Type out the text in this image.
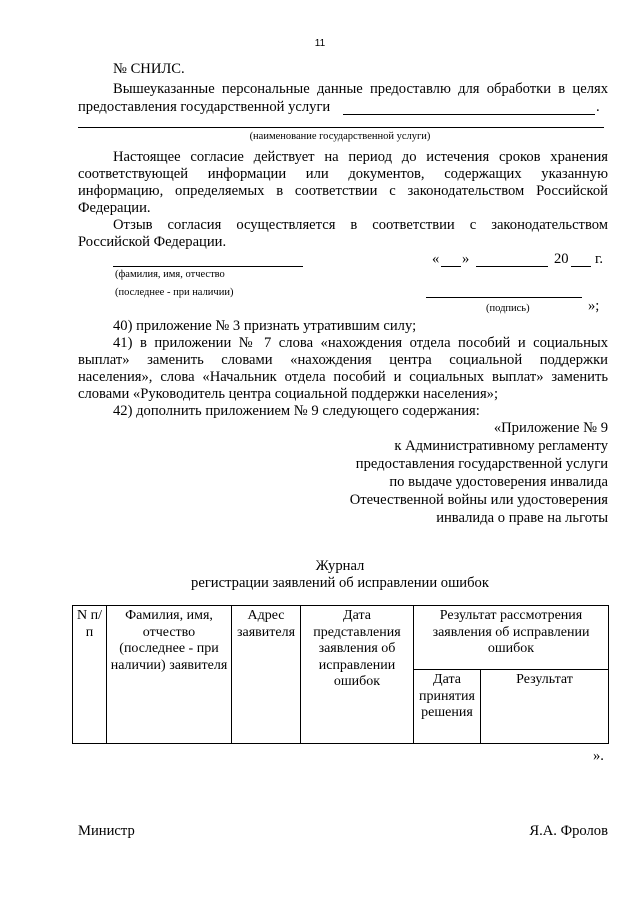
11
№ СНИЛС.
Вышеуказанные персональные данные предоставлю для обработки в целях
предоставления государственной услуги	.
(наименование государственной услуги)
Настоящее согласие действует на период до истечения сроков хранения
соответствующей информации или документов, содержащих указанную
информацию, определяемых в соответствии с законодательством Российской
Федерации.
Отзыв согласия осуществляется в соответствии с законодательством
Российской Федерации.
« »	20 г.
(фамилия, имя, отчество
(последнее - при наличии)
(подпись)	»;
40) приложение № 3 признать утратившим силу;
41) в приложении № 7 слова «нахождения отдела пособий и социальных
выплат» заменить словами «нахождения центра социальной поддержки
населения», слова «Начальник отдела пособий и социальных выплат» заменить
словами «Руководитель центра социальной поддержки населения»;
42) дополнить приложением № 9 следующего содержания:
«Приложение № 9
к Административному регламенту
предоставления государственной услуги
по выдаче удостоверения инвалида
Отечественной войны или удостоверения
инвалида о праве на льготы
Журнал
регистрации заявлений об исправлении ошибок
N п/п	Фамилия, имя, отчество (последнее - при наличии) заявителя	Адрес заявителя	Дата представления заявления об исправлении ошибок	Результат рассмотрения заявления об исправлении ошибок	
				Дата принятия решения	Результат
».
Министр	Я.А. Фролов
